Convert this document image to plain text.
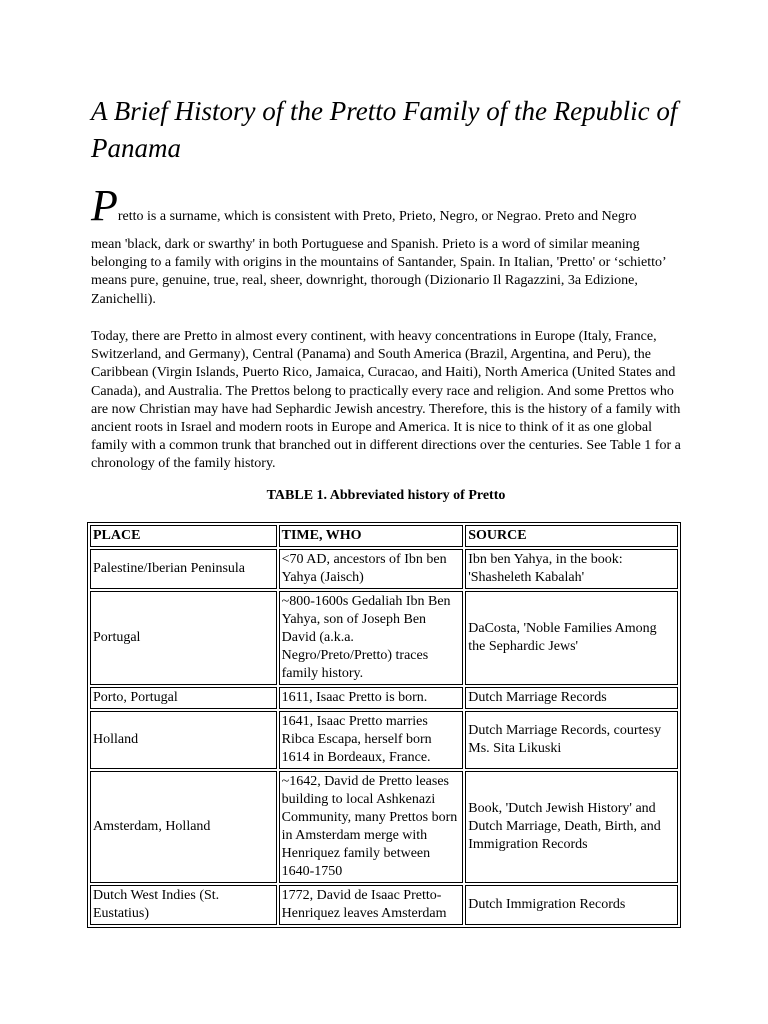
A Brief History of the Pretto Family of the Republic of Panama

Pretto is a surname, which is consistent with Preto, Prieto, Negro, or Negrao. Preto and Negro
mean 'black, dark or swarthy' in both Portuguese and Spanish. Prieto is a word of similar meaning belonging to a family with origins in the mountains of Santander, Spain. In Italian, 'Pretto' or ‘schietto’ means pure, genuine, true, real, sheer, downright, thorough (Dizionario Il Ragazzini, 3a Edizione, Zanichelli).

Today, there are Pretto in almost every continent, with heavy concentrations in Europe (Italy, France, Switzerland, and Germany), Central (Panama) and South America (Brazil, Argentina, and Peru), the Caribbean (Virgin Islands, Puerto Rico, Jamaica, Curacao, and Haiti), North America (United States and Canada), and Australia. The Prettos belong to practically every race and religion. And some Prettos who are now Christian may have had Sephardic Jewish ancestry. Therefore, this is the history of a family with ancient roots in Israel and modern roots in Europe and America. It is nice to think of it as one global family with a common trunk that branched out in different directions over the centuries. See Table 1 for a chronology of the family history.

TABLE 1. Abbreviated history of Pretto

PLACE	TIME, WHO	SOURCE
Palestine/Iberian Peninsula	<70 AD, ancestors of Ibn ben Yahya (Jaisch)	Ibn ben Yahya, in the book: 'Shasheleth Kabalah'
Portugal	~800-1600s Gedaliah Ibn Ben Yahya, son of Joseph Ben David (a.k.a. Negro/Preto/Pretto) traces family history.	DaCosta, 'Noble Families Among the Sephardic Jews'
Porto, Portugal	1611, Isaac Pretto is born.	Dutch Marriage Records
Holland	1641, Isaac Pretto marries Ribca Escapa, herself born 1614 in Bordeaux, France.	Dutch Marriage Records, courtesy Ms. Sita Likuski
Amsterdam, Holland	~1642, David de Pretto leases building to local Ashkenazi Community, many Prettos born in Amsterdam merge with Henriquez family between 1640-1750	Book, 'Dutch Jewish History' and Dutch Marriage, Death, Birth, and Immigration Records
Dutch West Indies (St. Eustatius)	1772, David de Isaac Pretto-Henriquez leaves Amsterdam	Dutch Immigration Records
